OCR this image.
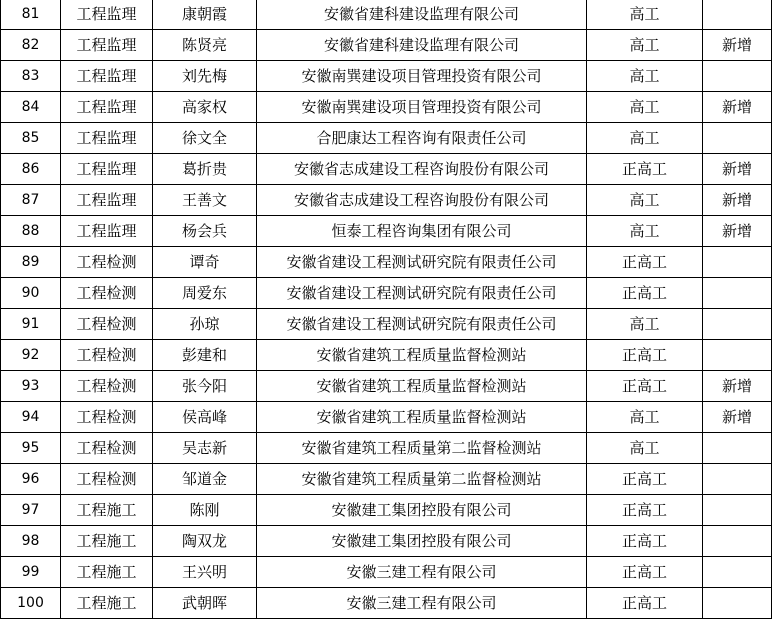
81	工程监理	康朝霞	安徽省建科建设监理有限公司	高工	
82	工程监理	陈贤亮	安徽省建科建设监理有限公司	高工	新增
83	工程监理	刘先梅	安徽南巽建设项目管理投资有限公司	高工	
84	工程监理	高家权	安徽南巽建设项目管理投资有限公司	高工	新增
85	工程监理	徐文全	合肥康达工程咨询有限责任公司	高工	
86	工程监理	葛折贵	安徽省志成建设工程咨询股份有限公司	正高工	新增
87	工程监理	王善文	安徽省志成建设工程咨询股份有限公司	高工	新增
88	工程监理	杨会兵	恒泰工程咨询集团有限公司	高工	新增
89	工程检测	谭奇	安徽省建设工程测试研究院有限责任公司	正高工	
90	工程检测	周爱东	安徽省建设工程测试研究院有限责任公司	正高工	
91	工程检测	孙琼	安徽省建设工程测试研究院有限责任公司	高工	
92	工程检测	彭建和	安徽省建筑工程质量监督检测站	正高工	
93	工程检测	张今阳	安徽省建筑工程质量监督检测站	正高工	新增
94	工程检测	侯高峰	安徽省建筑工程质量监督检测站	高工	新增
95	工程检测	吴志新	安徽省建筑工程质量第二监督检测站	高工	
96	工程检测	邹道金	安徽省建筑工程质量第二监督检测站	正高工	
97	工程施工	陈刚	安徽建工集团控股有限公司	正高工	
98	工程施工	陶双龙	安徽建工集团控股有限公司	正高工	
99	工程施工	王兴明	安徽三建工程有限公司	正高工	
100	工程施工	武朝晖	安徽三建工程有限公司	正高工	
